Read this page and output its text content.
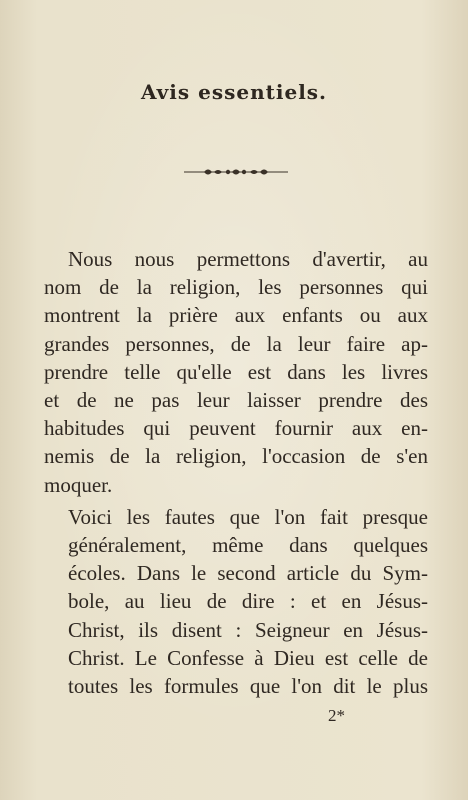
Avis essentiels.

Nous nous permettons d'avertir, au
nom de la religion, les personnes qui
montrent la prière aux enfants ou aux
grandes personnes, de la leur faire ap-
prendre telle qu'elle est dans les livres
et de ne pas leur laisser prendre des
habitudes qui peuvent fournir aux en-
nemis de la religion, l'occasion de s'en
moquer.

Voici les fautes que l'on fait presque
généralement, même dans quelques
écoles. Dans le second article du Sym-
bole, au lieu de dire : et en Jésus-
Christ, ils disent : Seigneur en Jésus-
Christ. Le Confesse à Dieu est celle de
toutes les formules que l'on dit le plus

2*
